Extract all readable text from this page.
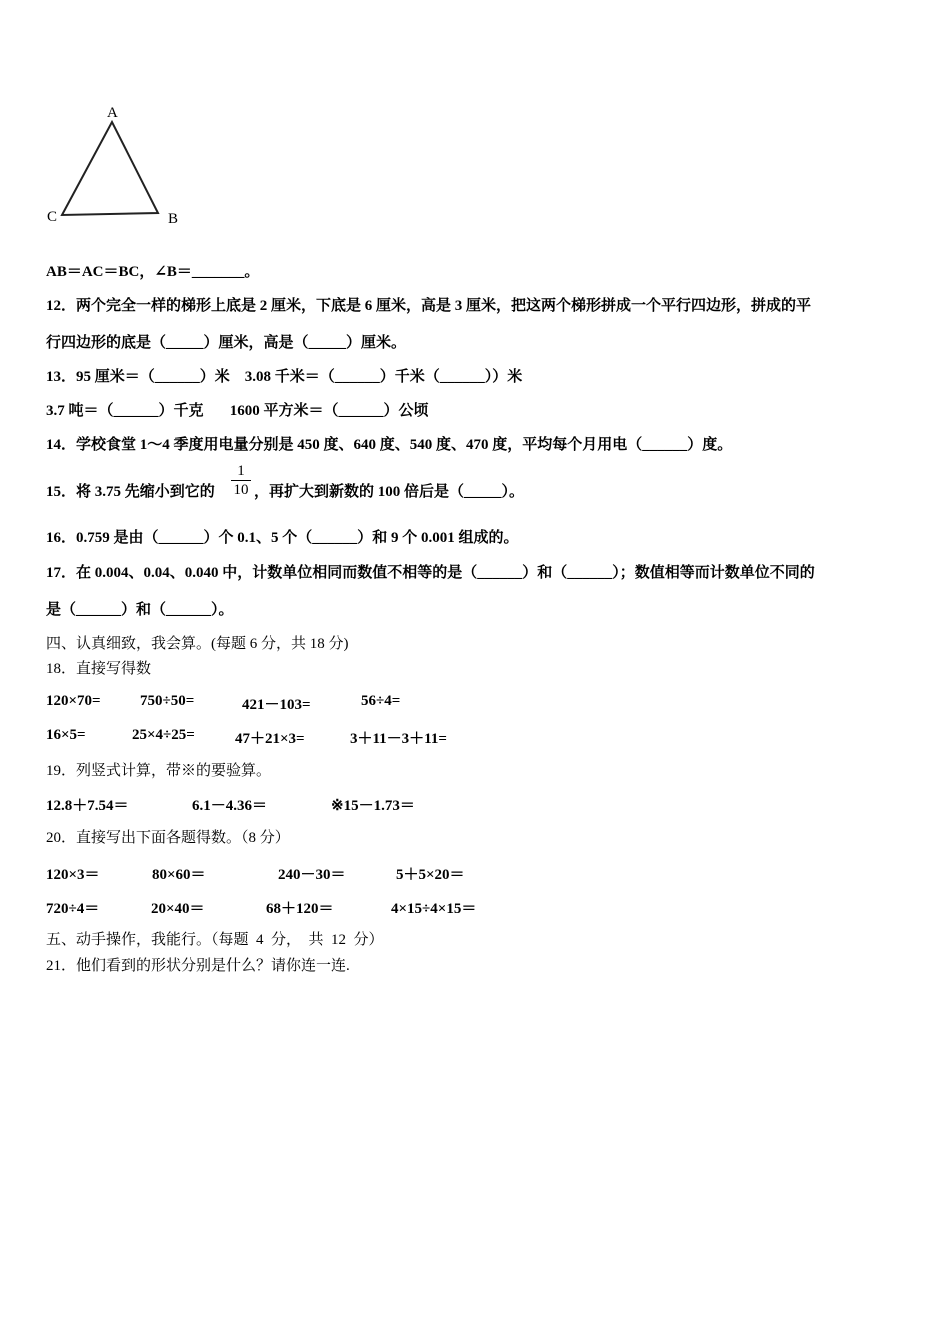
A
C	B
AB＝AC＝BC，∠B＝_______。
12．两个完全一样的梯形上底是 2 厘米，下底是 6 厘米，高是 3 厘米，把这两个梯形拼成一个平行四边形，拼成的平
行四边形的底是（_____）厘米，高是（_____）厘米。
13．95 厘米＝（______）米    3.08 千米＝（______）千米（______））米
3.7 吨＝（______）千克       1600 平方米＝（______）公顷
14．学校食堂 1～4 季度用电量分别是 450 度、640 度、540 度、470 度，平均每个月用电（______）度。
15．将 3.75 先缩小到它的
1
10 ，再扩大到新数的 100 倍后是（_____）。
16．0.759 是由（______）个 0.1、5 个（______）和 9 个 0.001 组成的。
17．在 0.004、0.04、0.040 中，计数单位相同而数值不相等的是（______）和（______）；数值相等而计数单位不同的
是（______）和（______）。
四、认真细致，我会算。(每题 6 分，共 18 分)
18．直接写得数
120×70=	750÷50=	421－103=	56÷4=
16×5=	25×4÷25=	47＋21×3=	3＋11－3＋11=
19．列竖式计算，带※的要验算。
12.8＋7.54＝	6.1－4.36＝	※15－1.73＝
20．直接写出下面各题得数。（8 分）
120×3＝	80×60＝	240－30＝	5＋5×20＝
720÷4＝	20×40＝	68＋120＝	4×15÷4×15＝
五、动手操作，我能行。（每题  4  分，  共  12  分）
21．他们看到的形状分别是什么？请你连一连.
